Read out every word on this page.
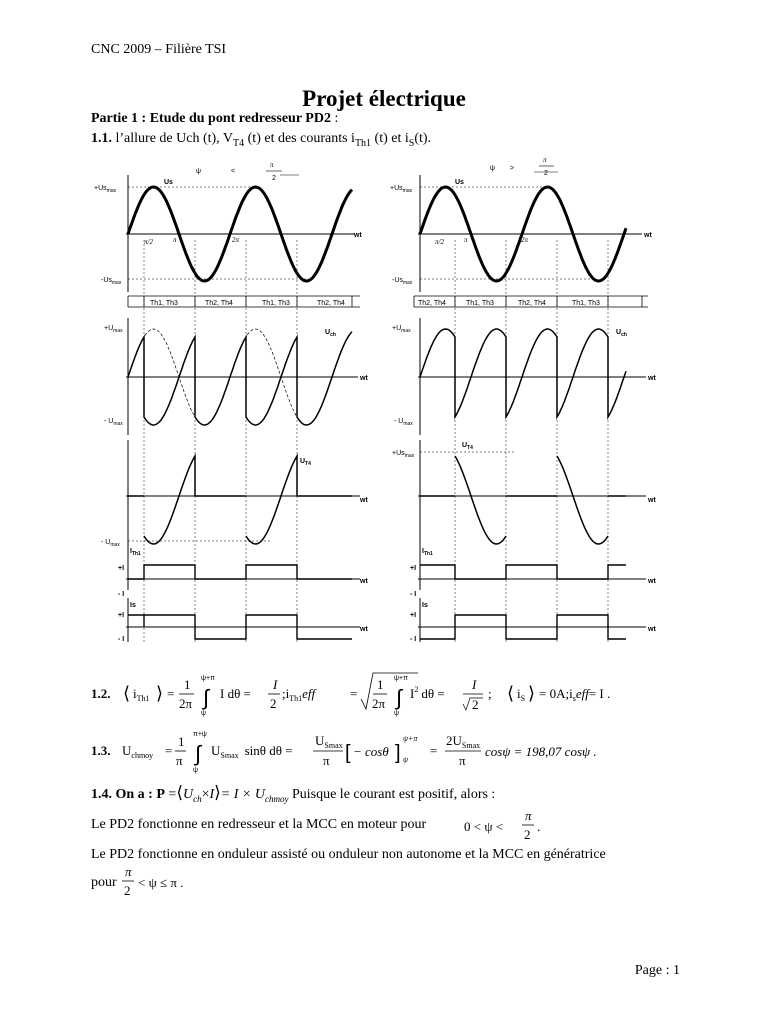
CNC 2009 – Filière TSI
Projet électrique
Partie 1 : Etude du pont redresseur PD2 :
1.1. l’allure de Uch (t), $V_{T4}$ (t) et des courants $i_{Th1}$ (t) et $i_S(t)$.
ψ	<
π
2
Us
$+Us_{max}$
$-Us_{max}$
π/2	π	2π
wt
Th1, Th3	Th2, Th4	Th1, Th3	Th2, Th4
$+U_{max}$
- $U_{max}$
$U_{ch}$
wt
- $U_{max}$
$U_{T4}$
wt
$I_{Th1}$
+I
- I
wt
Is
+I
- I
wt
ψ >
π
2
Us
$+Us_{max}$
$-Us_{max}$
π/2	π	2π
wt
Th2, Th4	Th1, Th3	Th2, Th4	Th1, Th3
$+U_{max}$
- $U_{max}$
$U_{ch}$
wt
$+Us_{max}$
$U_{T4}$
wt
$I_{Th1}$
+I
- I
wt
Is
+I
- I
wt
1.2. ⟨ $i_{Th1}$ ⟩ =
1
2π
ψ+π
∫
ψ
I dθ =
I
2
$;i_{Th1}eff$	=
1
2π
ψ+π
∫
ψ
$I^2$ dθ =
I
2
; ⟨ $i_S$ ⟩ = $0A;i_seff= I$ .
1.3. $U_{chmoy}$ =
1
π
π+ψ
∫
ψ
$U_{Smax}$ sinθ dθ =
$U_{Smax}$
π [ − cosθ ]
ψ+π
ψ
=
$2U_{Smax}$
π
cosψ = 198,07 cosψ .
1.4. On a : $P =⟨U_{ch}\times I⟩= I \times U_{chmoy}$ Puisque le courant est positif, alors :
Le PD2 fonctionne en redresseur et la MCC en moteur pour	0 < ψ <
π
2
.
Le PD2 fonctionne en onduleur assisté ou onduleur non autonome et la MCC en génératrice
pour
π
2
< ψ ≤ π .
Page : 1
